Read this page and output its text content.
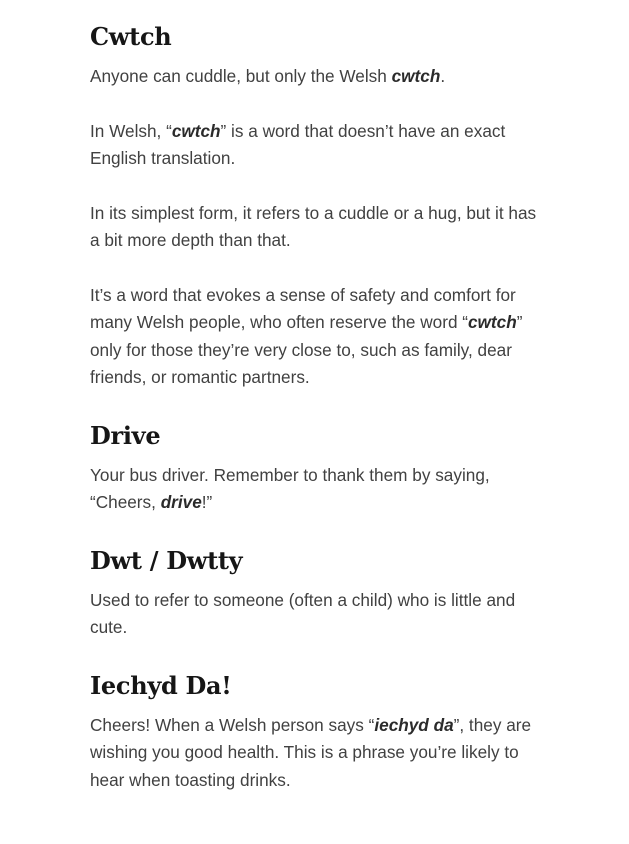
Cwtch

Anyone can cuddle, but only the Welsh cwtch.

In Welsh, “cwtch” is a word that doesn’t have an exact English translation.

In its simplest form, it refers to a cuddle or a hug, but it has a bit more depth than that.

It’s a word that evokes a sense of safety and comfort for many Welsh people, who often reserve the word “cwtch” only for those they’re very close to, such as family, dear friends, or romantic partners.

Drive

Your bus driver. Remember to thank them by saying, “Cheers, drive!”

Dwt / Dwtty

Used to refer to someone (often a child) who is little and cute.

Iechyd Da!

Cheers! When a Welsh person says “iechyd da”, they are wishing you good health. This is a phrase you’re likely to hear when toasting drinks.
